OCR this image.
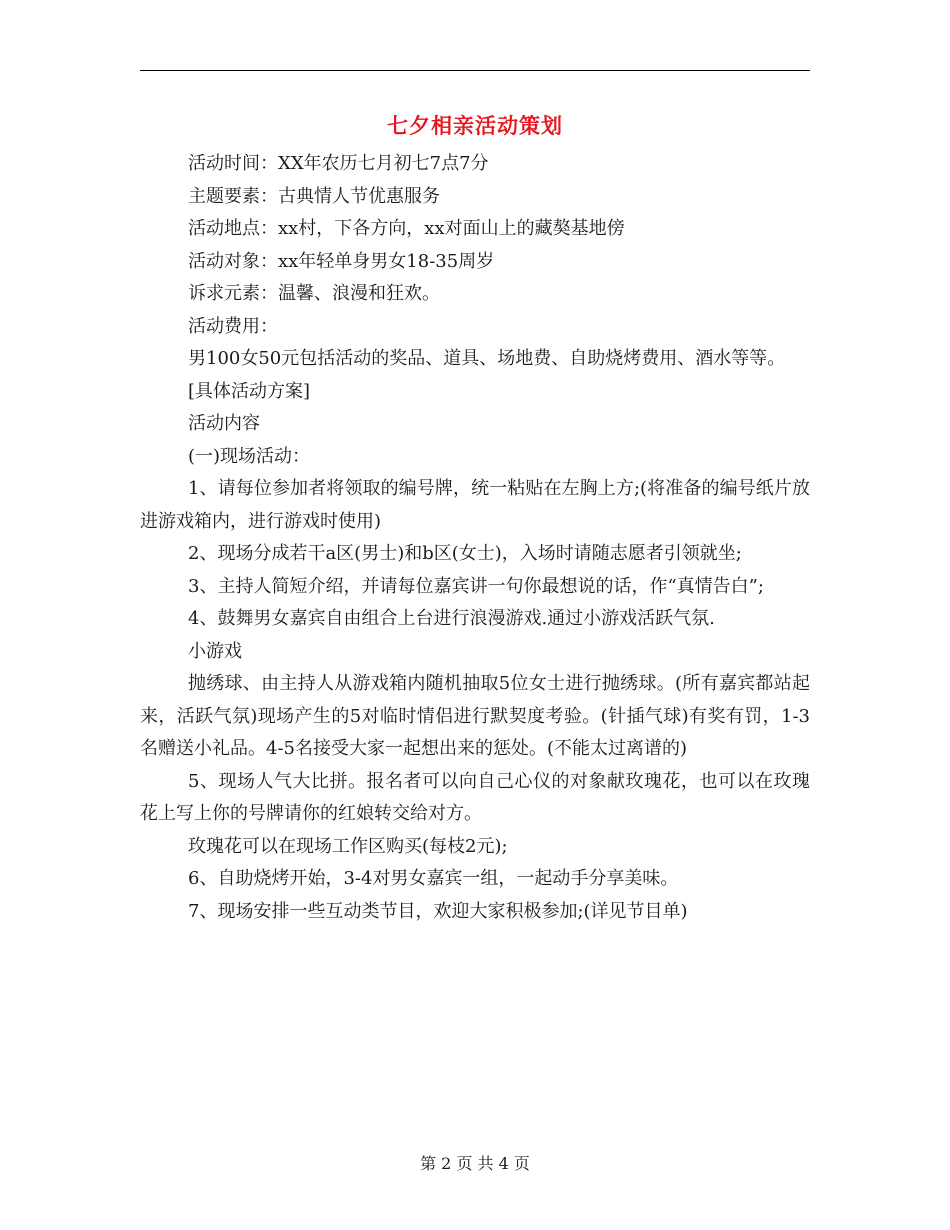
七夕相亲活动策划

活动时间：XX年农历七月初七7点7分

主题要素：古典情人节优惠服务

活动地点：xx村，下各方向，xx对面山上的藏獒基地傍

活动对象：xx年轻单身男女18-35周岁

诉求元素：温馨、浪漫和狂欢。

活动费用：

男100女50元包括活动的奖品、道具、场地费、自助烧烤费用、酒水等等。

[具体活动方案]

活动内容

(一)现场活动：

1、请每位参加者将领取的编号牌，统一粘贴在左胸上方;(将准备的编号纸片放进游戏箱内，进行游戏时使用)

2、现场分成若干a区(男士)和b区(女士)，入场时请随志愿者引领就坐;

3、主持人简短介绍，并请每位嘉宾讲一句你最想说的话，作“真情告白”;

4、鼓舞男女嘉宾自由组合上台进行浪漫游戏.通过小游戏活跃气氛.

小游戏

抛绣球、由主持人从游戏箱内随机抽取5位女士进行抛绣球。(所有嘉宾都站起来，活跃气氛)现场产生的5对临时情侣进行默契度考验。(针插气球)有奖有罚，1-3名赠送小礼品。4-5名接受大家一起想出来的惩处。(不能太过离谱的)

5、现场人气大比拼。报名者可以向自己心仪的对象献玫瑰花，也可以在玫瑰花上写上你的号牌请你的红娘转交给对方。

玫瑰花可以在现场工作区购买(每枝2元);

6、自助烧烤开始，3-4对男女嘉宾一组，一起动手分享美味。

7、现场安排一些互动类节目，欢迎大家积极参加;(详见节目单)

第 2 页 共 4 页
